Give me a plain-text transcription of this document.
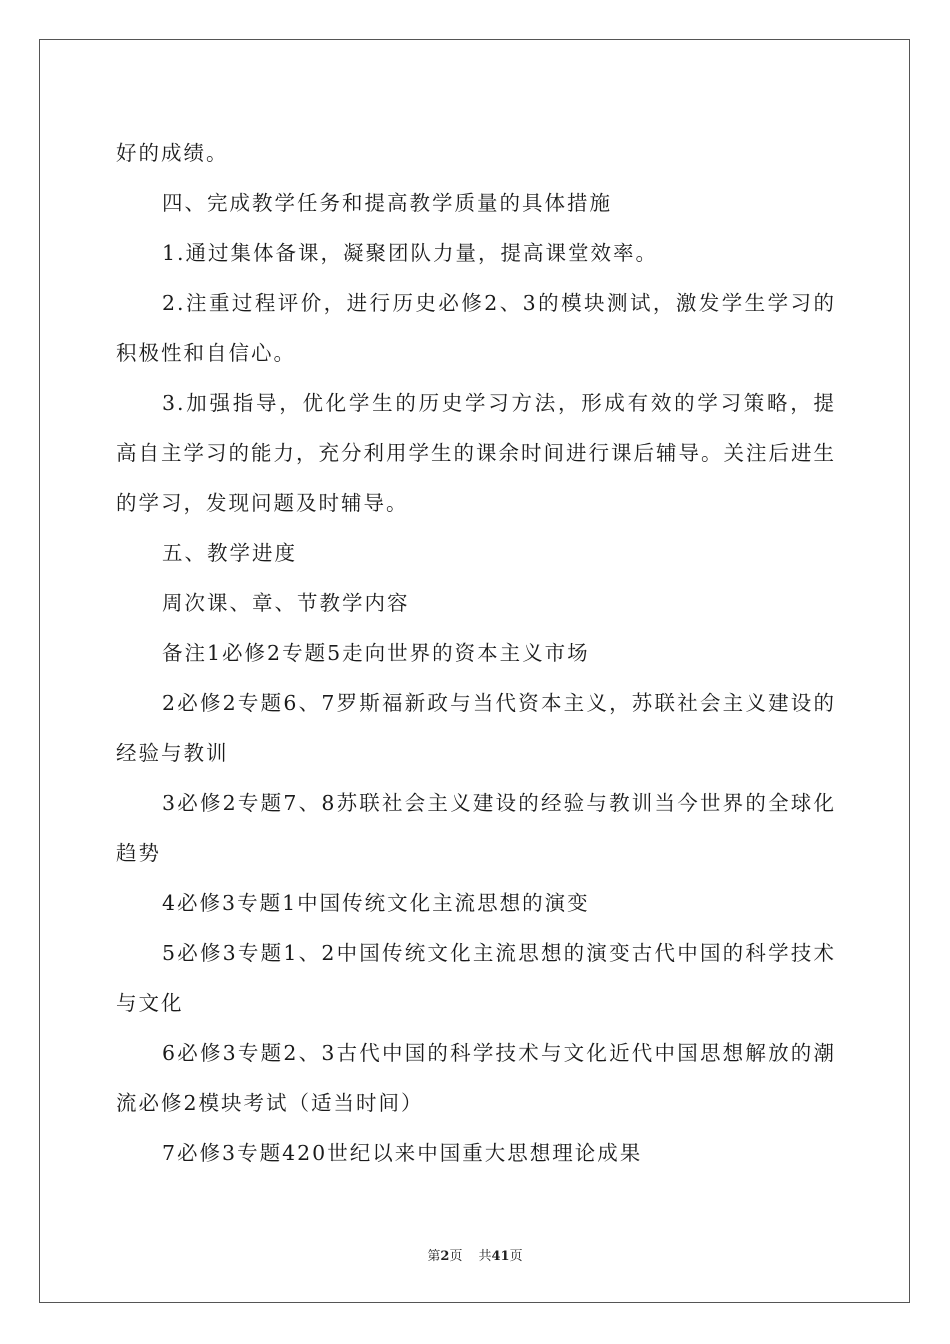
好的成绩。

四、完成教学任务和提高教学质量的具体措施

1.通过集体备课，凝聚团队力量，提高课堂效率。

2.注重过程评价，进行历史必修2、3的模块测试，激发学生学习的积极性和自信心。

3.加强指导，优化学生的历史学习方法，形成有效的学习策略，提高自主学习的能力，充分利用学生的课余时间进行课后辅导。关注后进生的学习，发现问题及时辅导。

五、教学进度

周次课、章、节教学内容

备注1必修2专题5走向世界的资本主义市场

2必修2专题6、7罗斯福新政与当代资本主义，苏联社会主义建设的经验与教训

3必修2专题7、8苏联社会主义建设的经验与教训当今世界的全球化趋势

4必修3专题1中国传统文化主流思想的演变

5必修3专题1、2中国传统文化主流思想的演变古代中国的科学技术与文化

6必修3专题2、3古代中国的科学技术与文化近代中国思想解放的潮流必修2模块考试（适当时间）

7必修3专题420世纪以来中国重大思想理论成果

第2页 共41页
